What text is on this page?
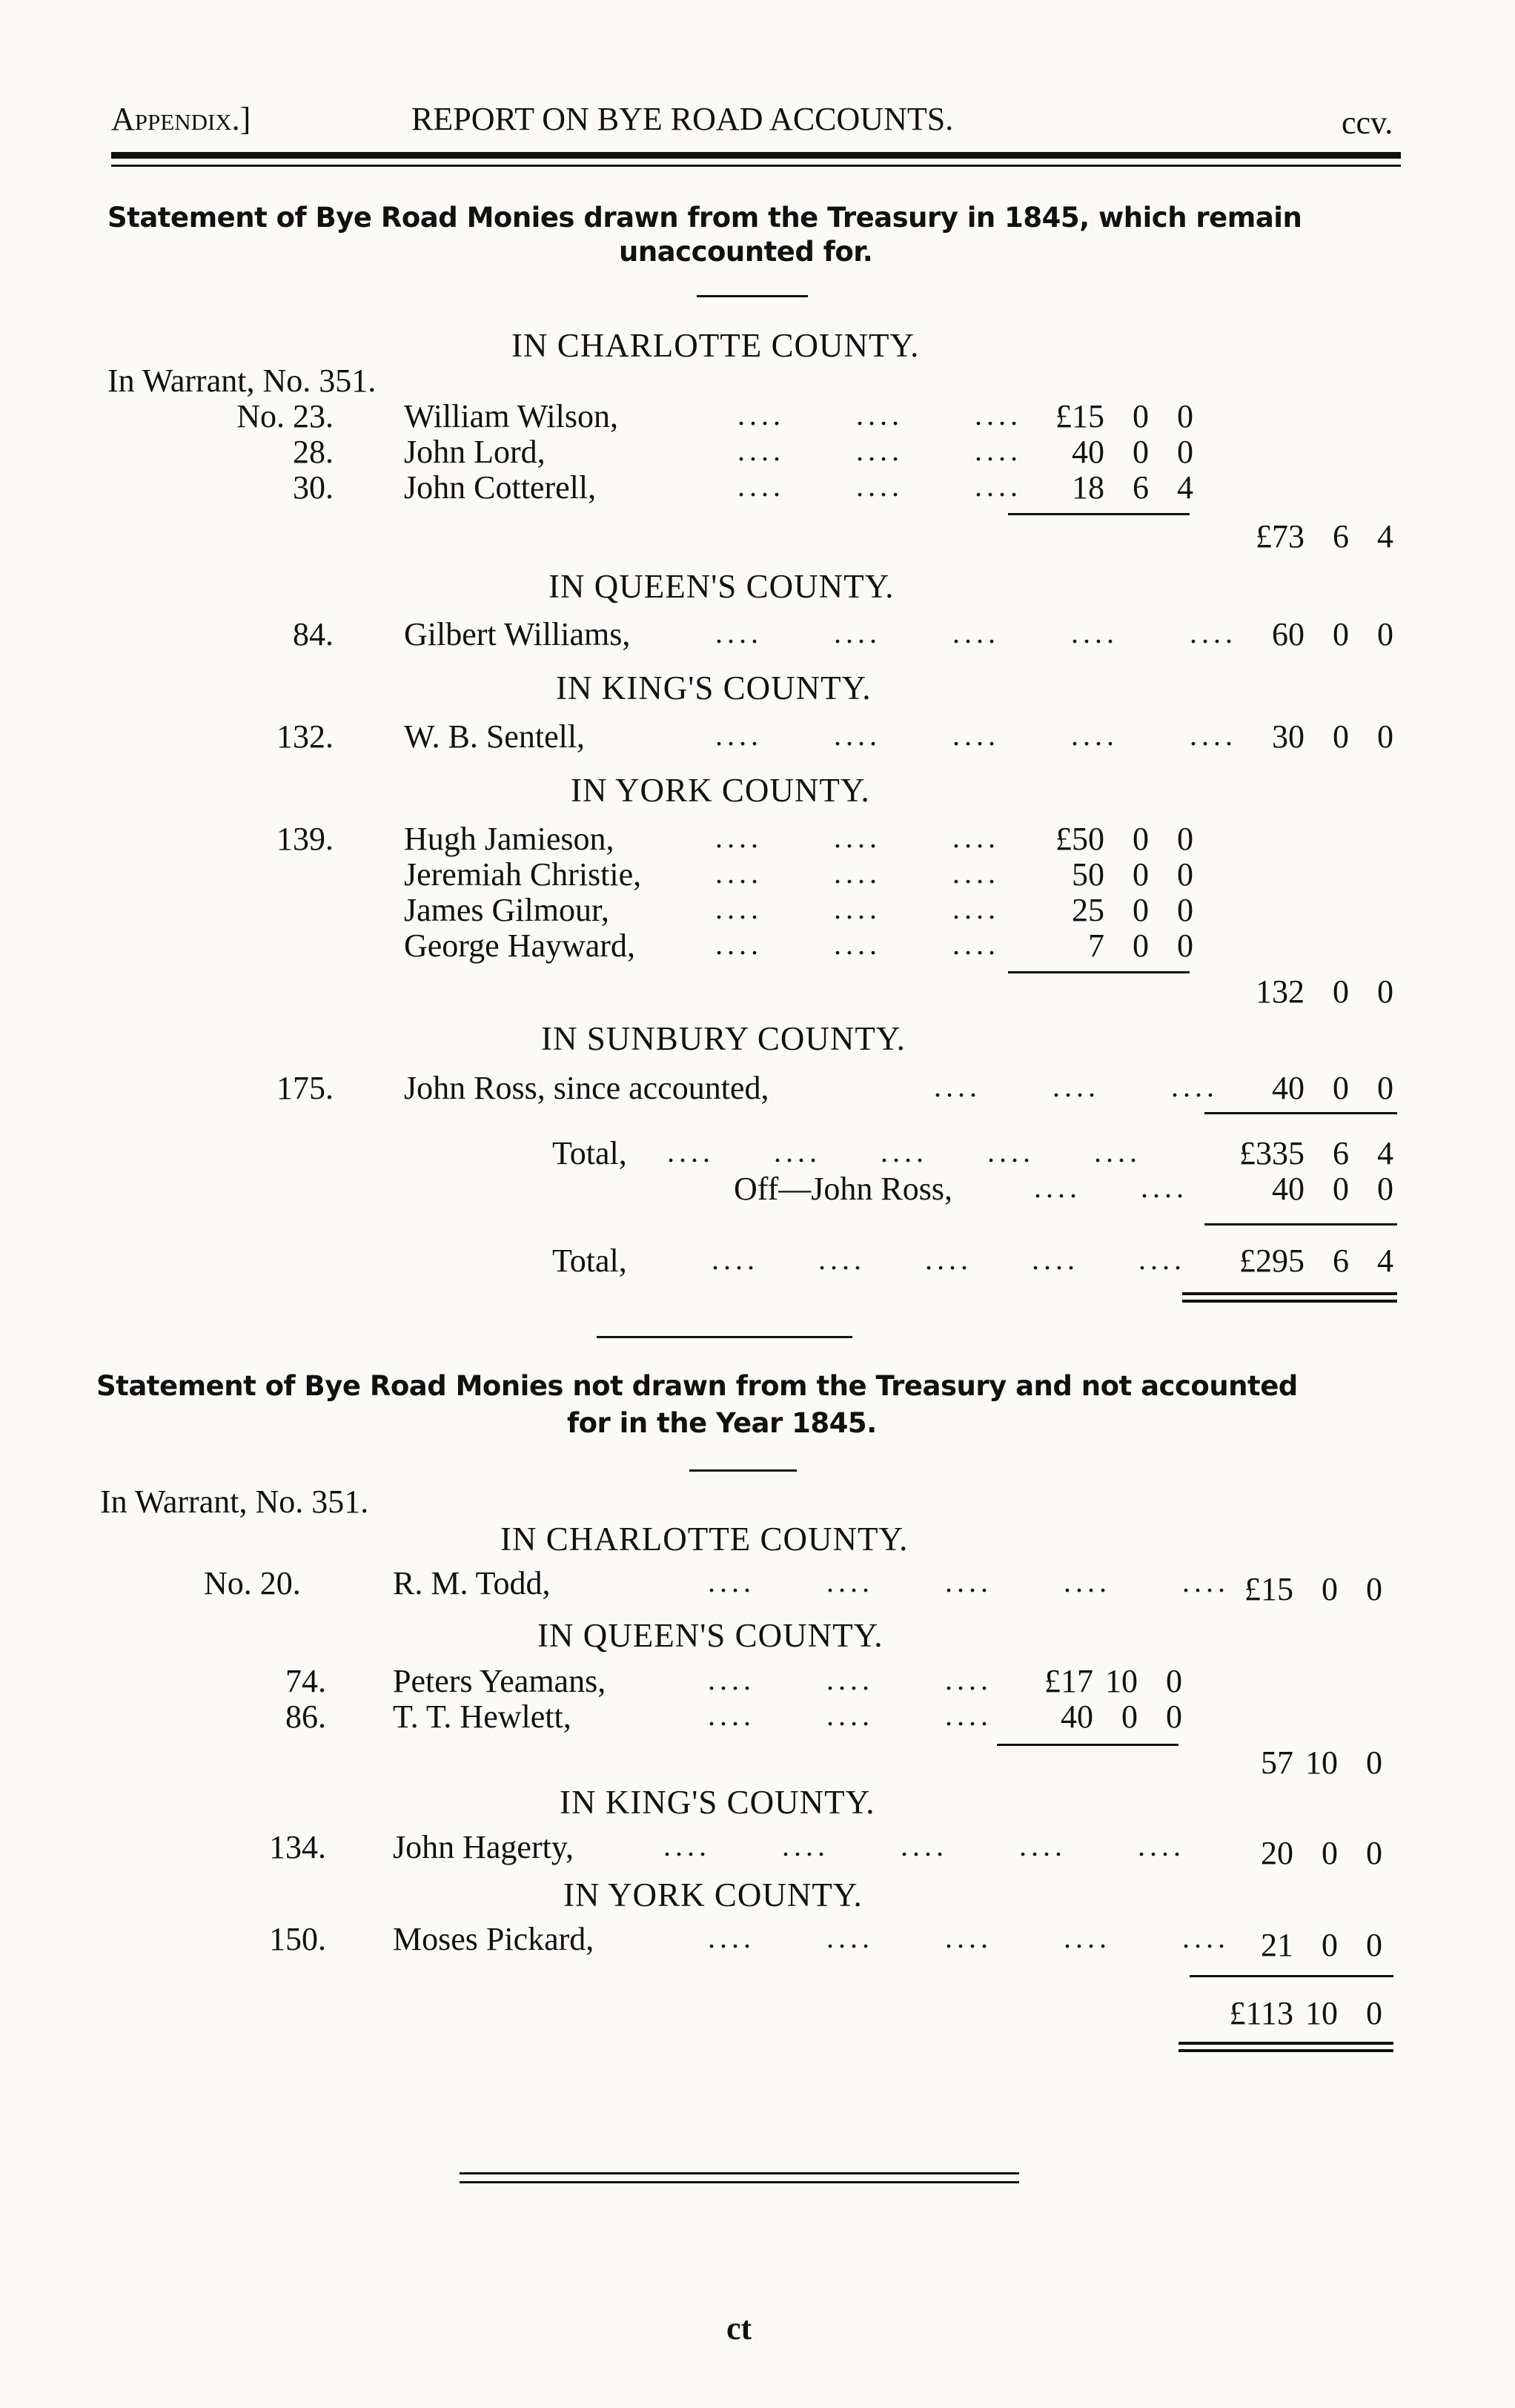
Appendix.]	REPORT ON BYE ROAD ACCOUNTS.	ccv.
Statement of Bye Road Monies drawn from the Treasury in 1845, which remain
unaccounted for.
IN CHARLOTTE COUNTY.
In Warrant, No. 351.
No. 23. William Wilson,	....      ....      ....	£15 0 0
28. John Lord,	....      ....      ....	40 0 0
30. John Cotterell,	....      ....      ....	18 6 4
£73 6 4
IN QUEEN'S COUNTY.
84. Gilbert Williams,	....      ....      ....      ....      ....	60 0 0
IN KING'S COUNTY.
132. W. B. Sentell,	....      ....      ....      ....      ....	30 0 0
IN YORK COUNTY.
139. Hugh Jamieson,	....      ....      ....	£50 0 0
Jeremiah Christie, ....      ....      ....	50 0 0
James Gilmour,	....      ....      ....	25 0 0
George Hayward,	....      ....      ....	7 0 0
132 0 0
IN SUNBURY COUNTY.
175. John Ross, since accounted,	....      ....      ....	40 0 0
Total, ....     ....     ....     ....     ....	£335 6 4
Off—John Ross,	....     ....	40 0 0
Total,	....     ....     ....     ....     ....	£295 6 4
Statement of Bye Road Monies not drawn from the Treasury and not accounted
for in the Year 1845.
In Warrant, No. 351.
IN CHARLOTTE COUNTY.
No. 20.	R. M. Todd,	....      ....      ....      ....      .... £15 0 0
IN QUEEN'S COUNTY.
74. Peters Yeamans,	....      ....      ....	£17 10 0
86. T. T. Hewlett,	....      ....      ....	40 0 0
57 10 0
IN KING'S COUNTY.
134. John Hagerty,	....      ....      ....      ....      ....	20 0 0
IN YORK COUNTY.
150. Moses Pickard,	....      ....      ....      ....      .... 21 0 0
£113 10 0
ct
